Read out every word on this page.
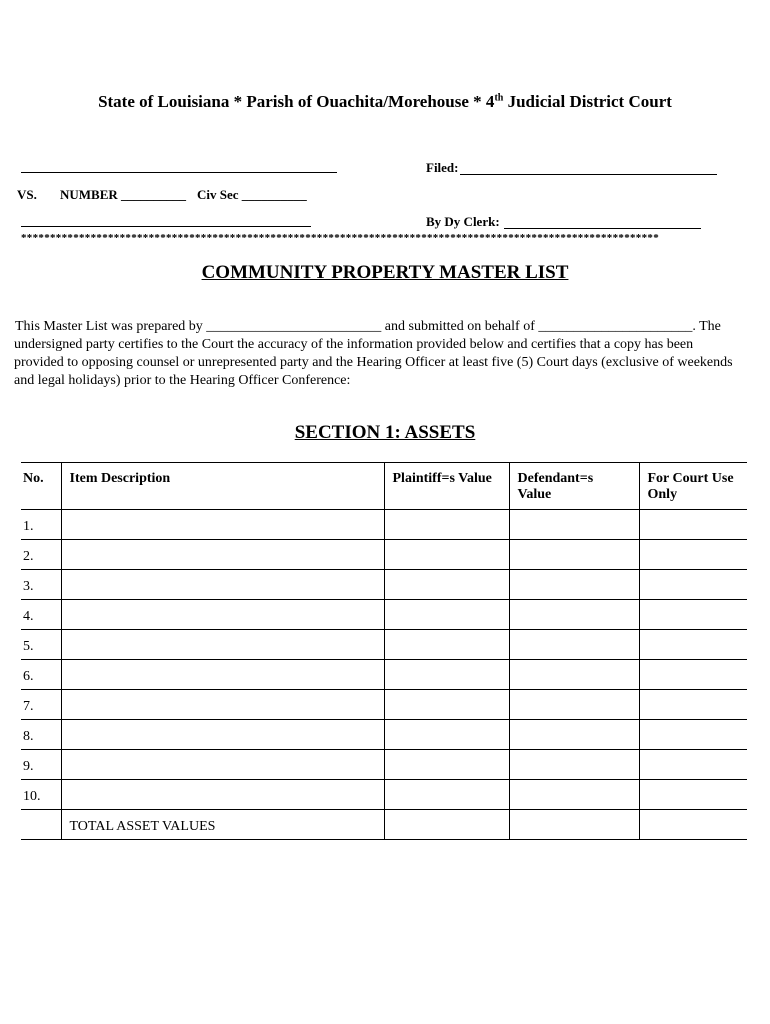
State of Louisiana * Parish of Ouachita/Morehouse * 4th Judicial District Court
Filed:
VS.	NUMBER __________ Civ Sec __________
By Dy Clerk:
**************************************************************************************************************
COMMUNITY PROPERTY MASTER LIST
This Master List was prepared by _________________________ and submitted on behalf of ______________________. The
undersigned party certifies to the Court the accuracy of the information provided below and certifies that a copy has been
provided to opposing counsel or unrepresented party and the Hearing Officer at least five (5) Court days (exclusive of weekends
and legal holidays) prior to the Hearing Officer Conference:
SECTION 1: ASSETS
No.	Item Description	Plaintiff=s Value	Defendant=s Value	For Court Use Only
1.				
2.				
3.				
4.				
5.				
6.				
7.				
8.				
9.				
10.				
	TOTAL ASSET VALUES			
